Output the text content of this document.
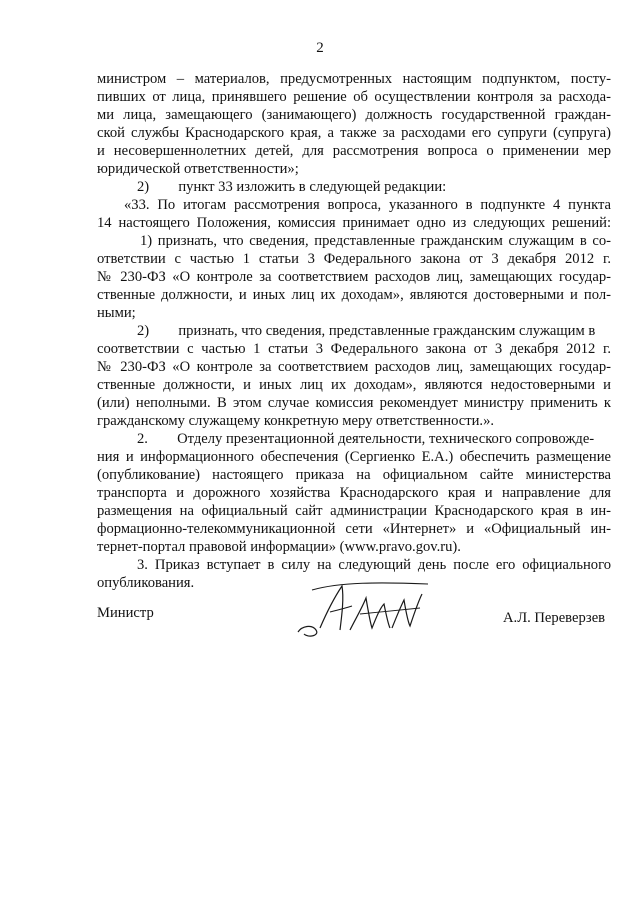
2
министром – материалов, предусмотренных настоящим подпунктом, посту-
пивших от лица, принявшего решение об осуществлении контроля за расхода-
ми лица, замещающего (занимающего) должность государственной граждан-
ской службы Краснодарского края, а также за расходами его супруги (супруга)
и несовершеннолетних детей, для рассмотрения вопроса о применении мер
юридической ответственности»;
2)        пункт 33 изложить в следующей редакции:
«33. По итогам рассмотрения вопроса, указанного в подпункте 4 пункта
14 настоящего Положения, комиссия принимает одно из следующих решений:
1) признать, что сведения, представленные гражданским служащим в со-
ответствии с частью 1 статьи 3 Федерального закона от 3 декабря 2012 г.
№ 230-ФЗ «О контроле за соответствием расходов лиц, замещающих государ-
ственные должности, и иных лиц их доходам», являются достоверными и пол-
ными;
2)        признать, что сведения, представленные гражданским служащим в
соответствии с частью 1 статьи 3 Федерального закона от 3 декабря 2012 г.
№ 230-ФЗ «О контроле за соответствием расходов лиц, замещающих государ-
ственные должности, и иных лиц их доходам», являются недостоверными и
(или) неполными. В этом случае комиссия рекомендует министру применить к
гражданскому служащему конкретную меру ответственности.».
2.        Отделу презентационной деятельности, технического сопровожде-
ния и информационного обеспечения (Сергиенко Е.А.) обеспечить размещение
(опубликование) настоящего приказа на официальном сайте министерства
транспорта и дорожного хозяйства Краснодарского края и направление для
размещения на официальный сайт администрации Краснодарского края в ин-
формационно-телекоммуникационной сети «Интернет» и «Официальный ин-
тернет-портал правовой информации» (www.pravo.gov.ru).
3. Приказ вступает в силу на следующий день после его официального
опубликования.
Министр	А.Л. Переверзев
